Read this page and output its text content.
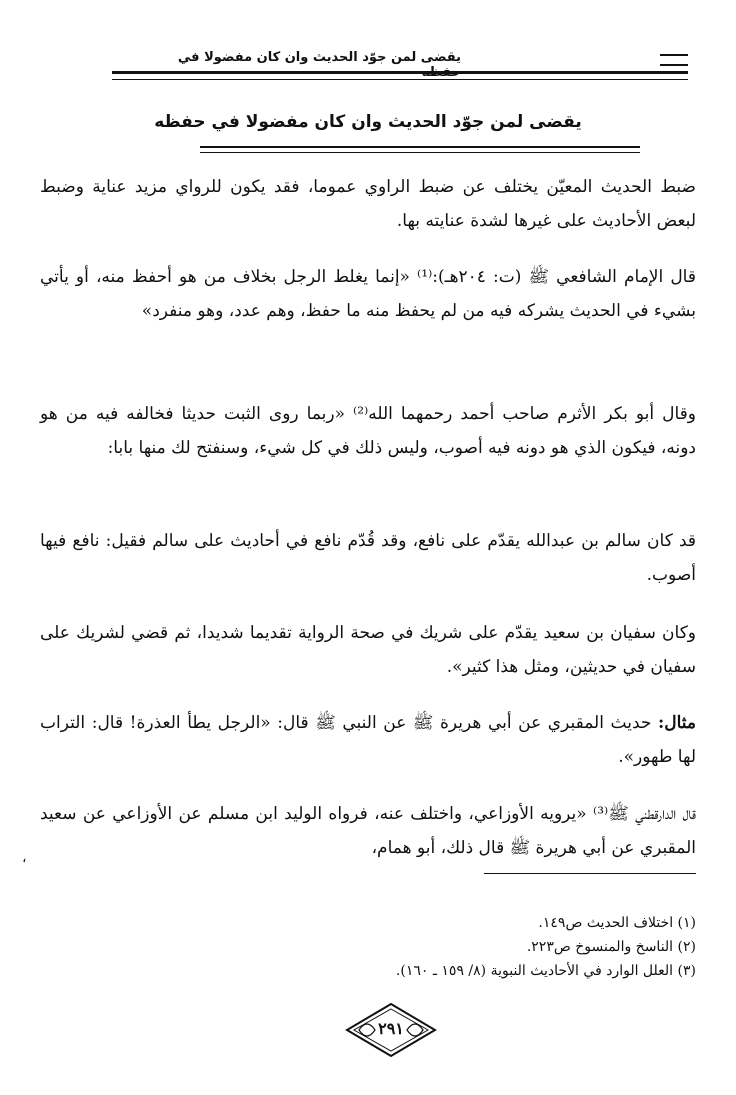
يقضى لمن جوّد الحديث وان كان مفضولا في حفظه
يقضى لمن جوّد الحديث وان كان مفضولا في حفظه

ضبط الحديث المعيّن يختلف عن ضبط الراوي عموما، فقد يكون للرواي مزيد عناية وضبط لبعض الأحاديث على غيرها لشدة عنايته بها.

قال الإمام الشافعي ﷺ (ت: ٢٠٤هـ):⁽¹⁾ «إنما يغلط الرجل بخلاف من هو أحفظ منه، أو يأتي بشيء في الحديث يشركه فيه من لم يحفظ منه ما حفظ، وهم عدد، وهو منفرد»

وقال أبو بكر الأثرم صاحب أحمد رحمهما الله⁽²⁾ «ربما روى الثبت حديثا فخالفه فيه من هو دونه، فيكون الذي هو دونه فيه أصوب، وليس ذلك في كل شيء، وسنفتح لك منها بابا:

قد كان سالم بن عبدالله يقدّم على نافع، وقد قُدّم نافع في أحاديث على سالم فقيل: نافع فيها أصوب.

وكان سفيان بن سعيد يقدّم على شريك في صحة الرواية تقديما شديدا، ثم قضي لشريك على سفيان في حديثين، ومثل هذا كثير».

مثال: حديث المقبري عن أبي هريرة ﷺ عن النبي ﷺ قال: «الرجل يطأ العذرة! قال: التراب لها طهور».

قال الدارقطني ﷺ⁽³⁾ «يرويه الأوزاعي، واختلف عنه، فرواه الوليد ابن مسلم عن الأوزاعي عن سعيد المقبري عن أبي هريرة ﷺ قال ذلك، أبو همام،

،
(١) اختلاف الحديث ص١٤٩.
(٢) الناسخ والمنسوخ ص٢٢٣.
(٣) العلل الوارد في الأحاديث النبوية (٨/ ١٥٩ ـ ١٦٠).
٢٩١
